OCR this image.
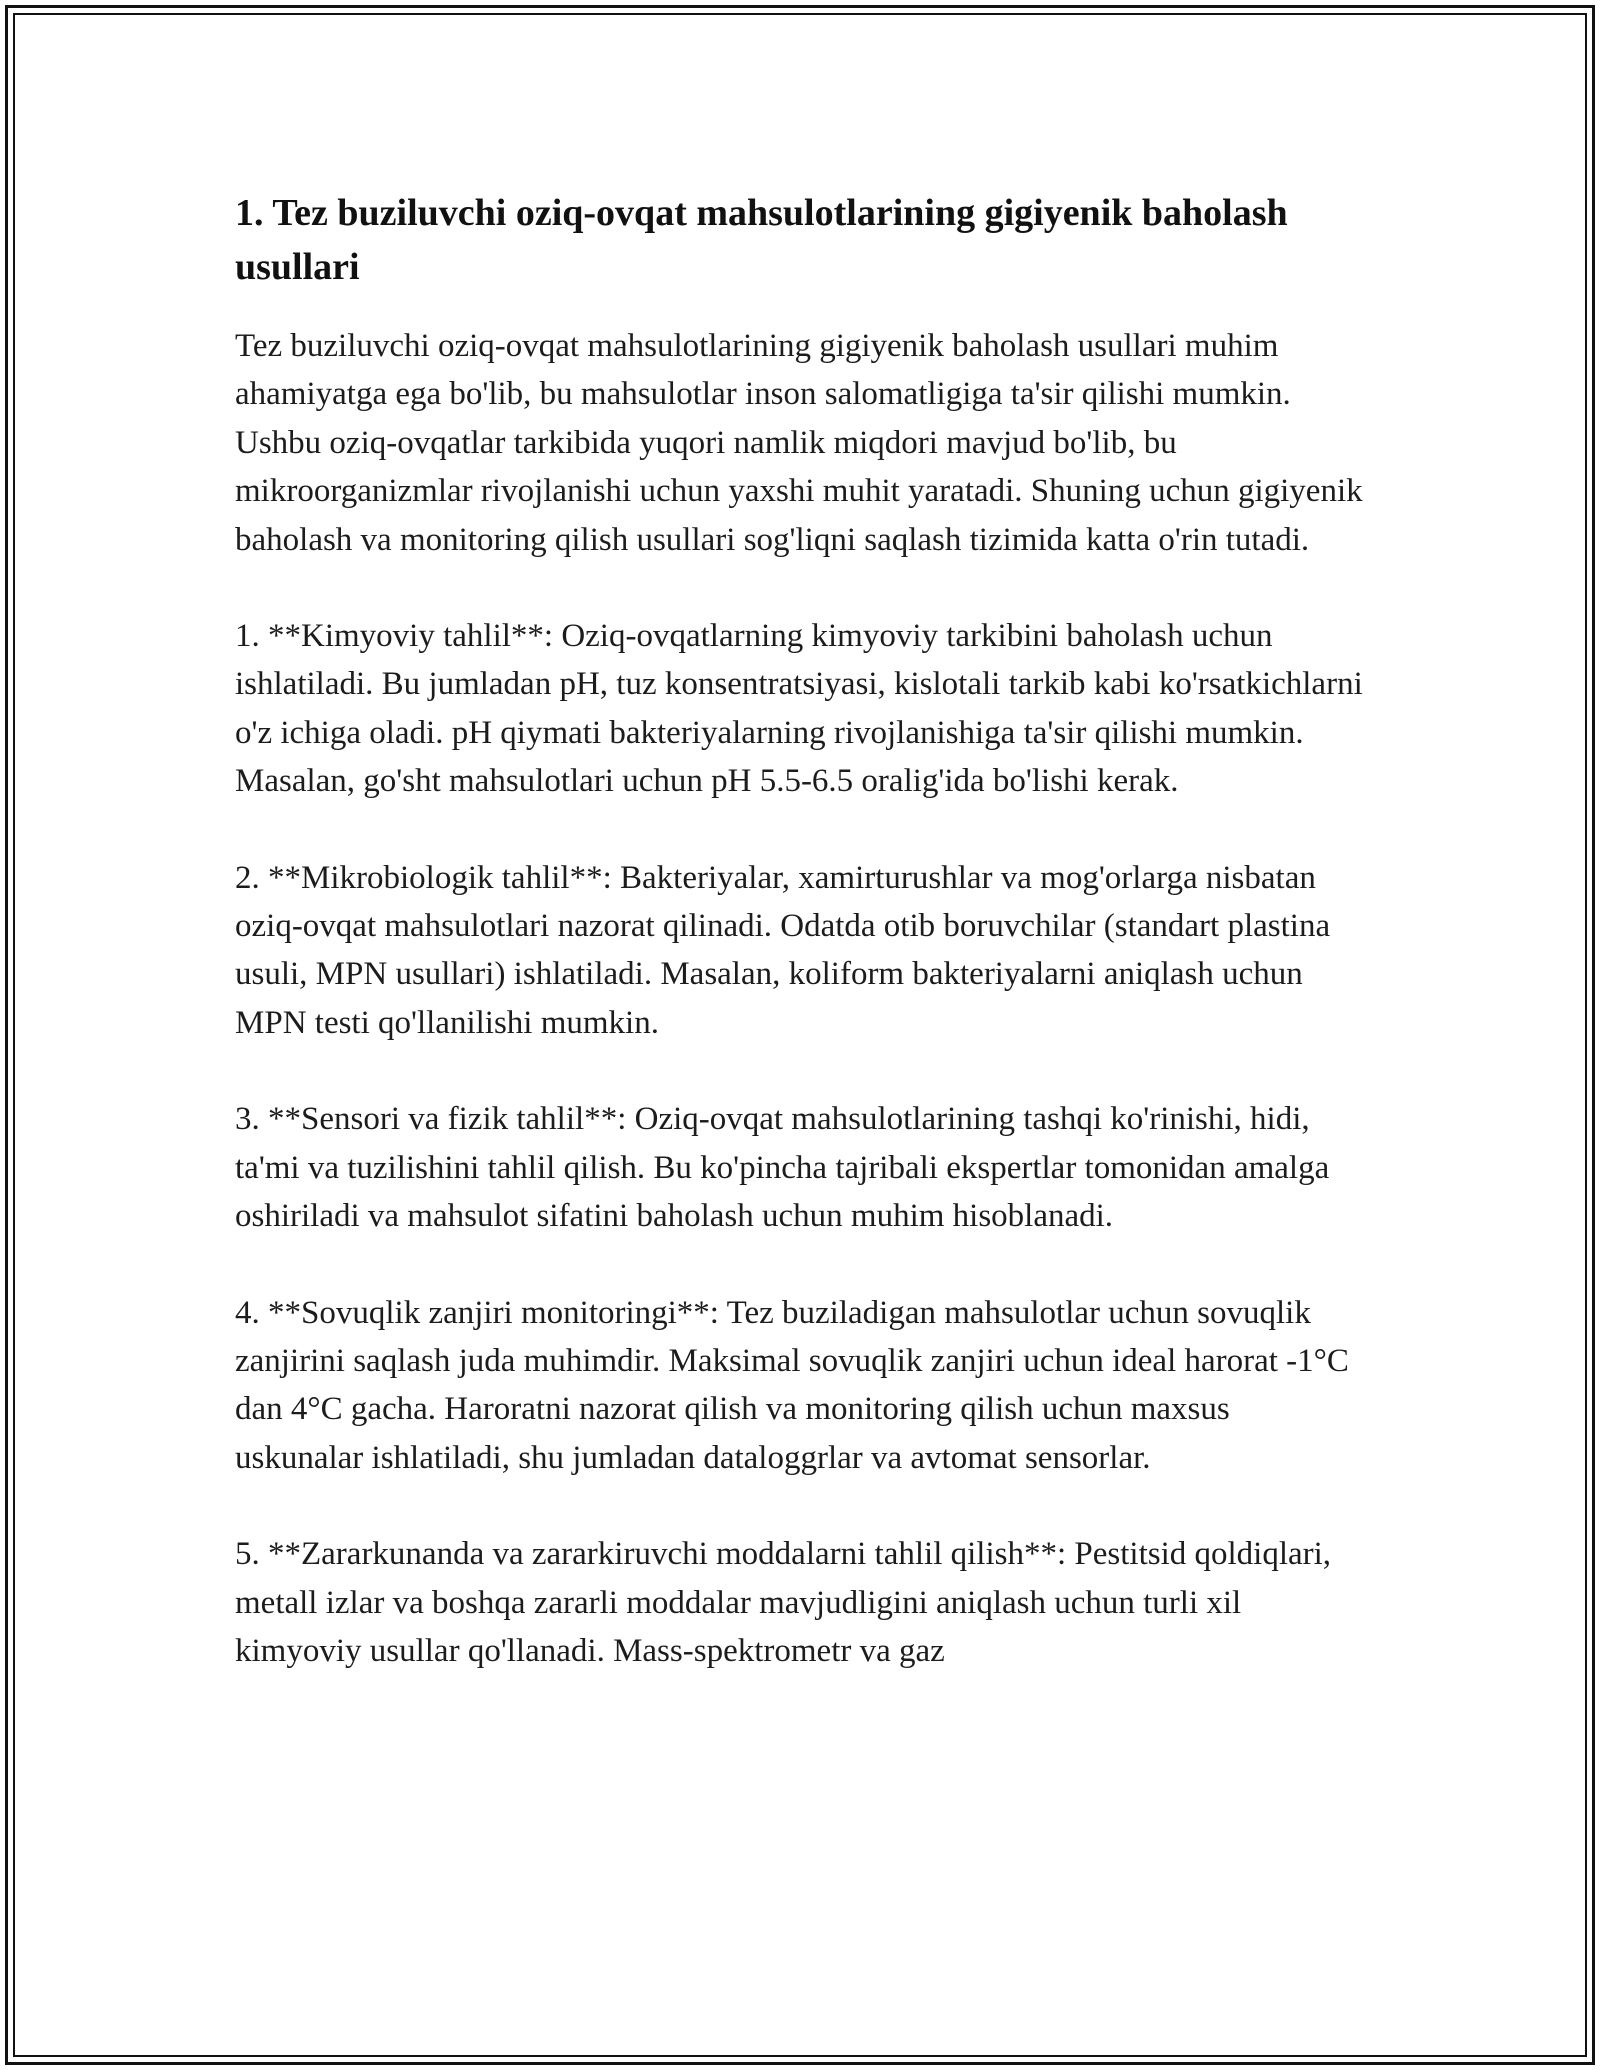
1. Tez buziluvchi oziq-ovqat mahsulotlarining gigiyenik baholash usullari

Tez buziluvchi oziq-ovqat mahsulotlarining gigiyenik baholash usullari muhim ahamiyatga ega bo'lib, bu mahsulotlar inson salomatligiga ta'sir qilishi mumkin. Ushbu oziq-ovqatlar tarkibida yuqori namlik miqdori mavjud bo'lib, bu mikroorganizmlar rivojlanishi uchun yaxshi muhit yaratadi. Shuning uchun gigiyenik baholash va monitoring qilish usullari sog'liqni saqlash tizimida katta o'rin tutadi.

1. **Kimyoviy tahlil**: Oziq-ovqatlarning kimyoviy tarkibini baholash uchun ishlatiladi. Bu jumladan pH, tuz konsentratsiyasi, kislotali tarkib kabi ko'rsatkichlarni o'z ichiga oladi. pH qiymati bakteriyalarning rivojlanishiga ta'sir qilishi mumkin. Masalan, go'sht mahsulotlari uchun pH 5.5-6.5 oralig'ida bo'lishi kerak.

2. **Mikrobiologik tahlil**: Bakteriyalar, xamirturushlar va mog'orlarga nisbatan oziq-ovqat mahsulotlari nazorat qilinadi. Odatda otib boruvchilar (standart plastina usuli, MPN usullari) ishlatiladi. Masalan, koliform bakteriyalarni aniqlash uchun MPN testi qo'llanilishi mumkin.

3. **Sensori va fizik tahlil**: Oziq-ovqat mahsulotlarining tashqi ko'rinishi, hidi, ta'mi va tuzilishini tahlil qilish. Bu ko'pincha tajribali ekspertlar tomonidan amalga oshiriladi va mahsulot sifatini baholash uchun muhim hisoblanadi.

4. **Sovuqlik zanjiri monitoringi**: Tez buziladigan mahsulotlar uchun sovuqlik zanjirini saqlash juda muhimdir. Maksimal sovuqlik zanjiri uchun ideal harorat -1°C dan 4°C gacha. Haroratni nazorat qilish va monitoring qilish uchun maxsus uskunalar ishlatiladi, shu jumladan dataloggrlar va avtomat sensorlar.

5. **Zararkunanda va zararkiruvchi moddalarni tahlil qilish**: Pestitsid qoldiqlari, metall izlar va boshqa zararli moddalar mavjudligini aniqlash uchun turli xil kimyoviy usullar qo'llanadi. Mass-spektrometr va gaz
